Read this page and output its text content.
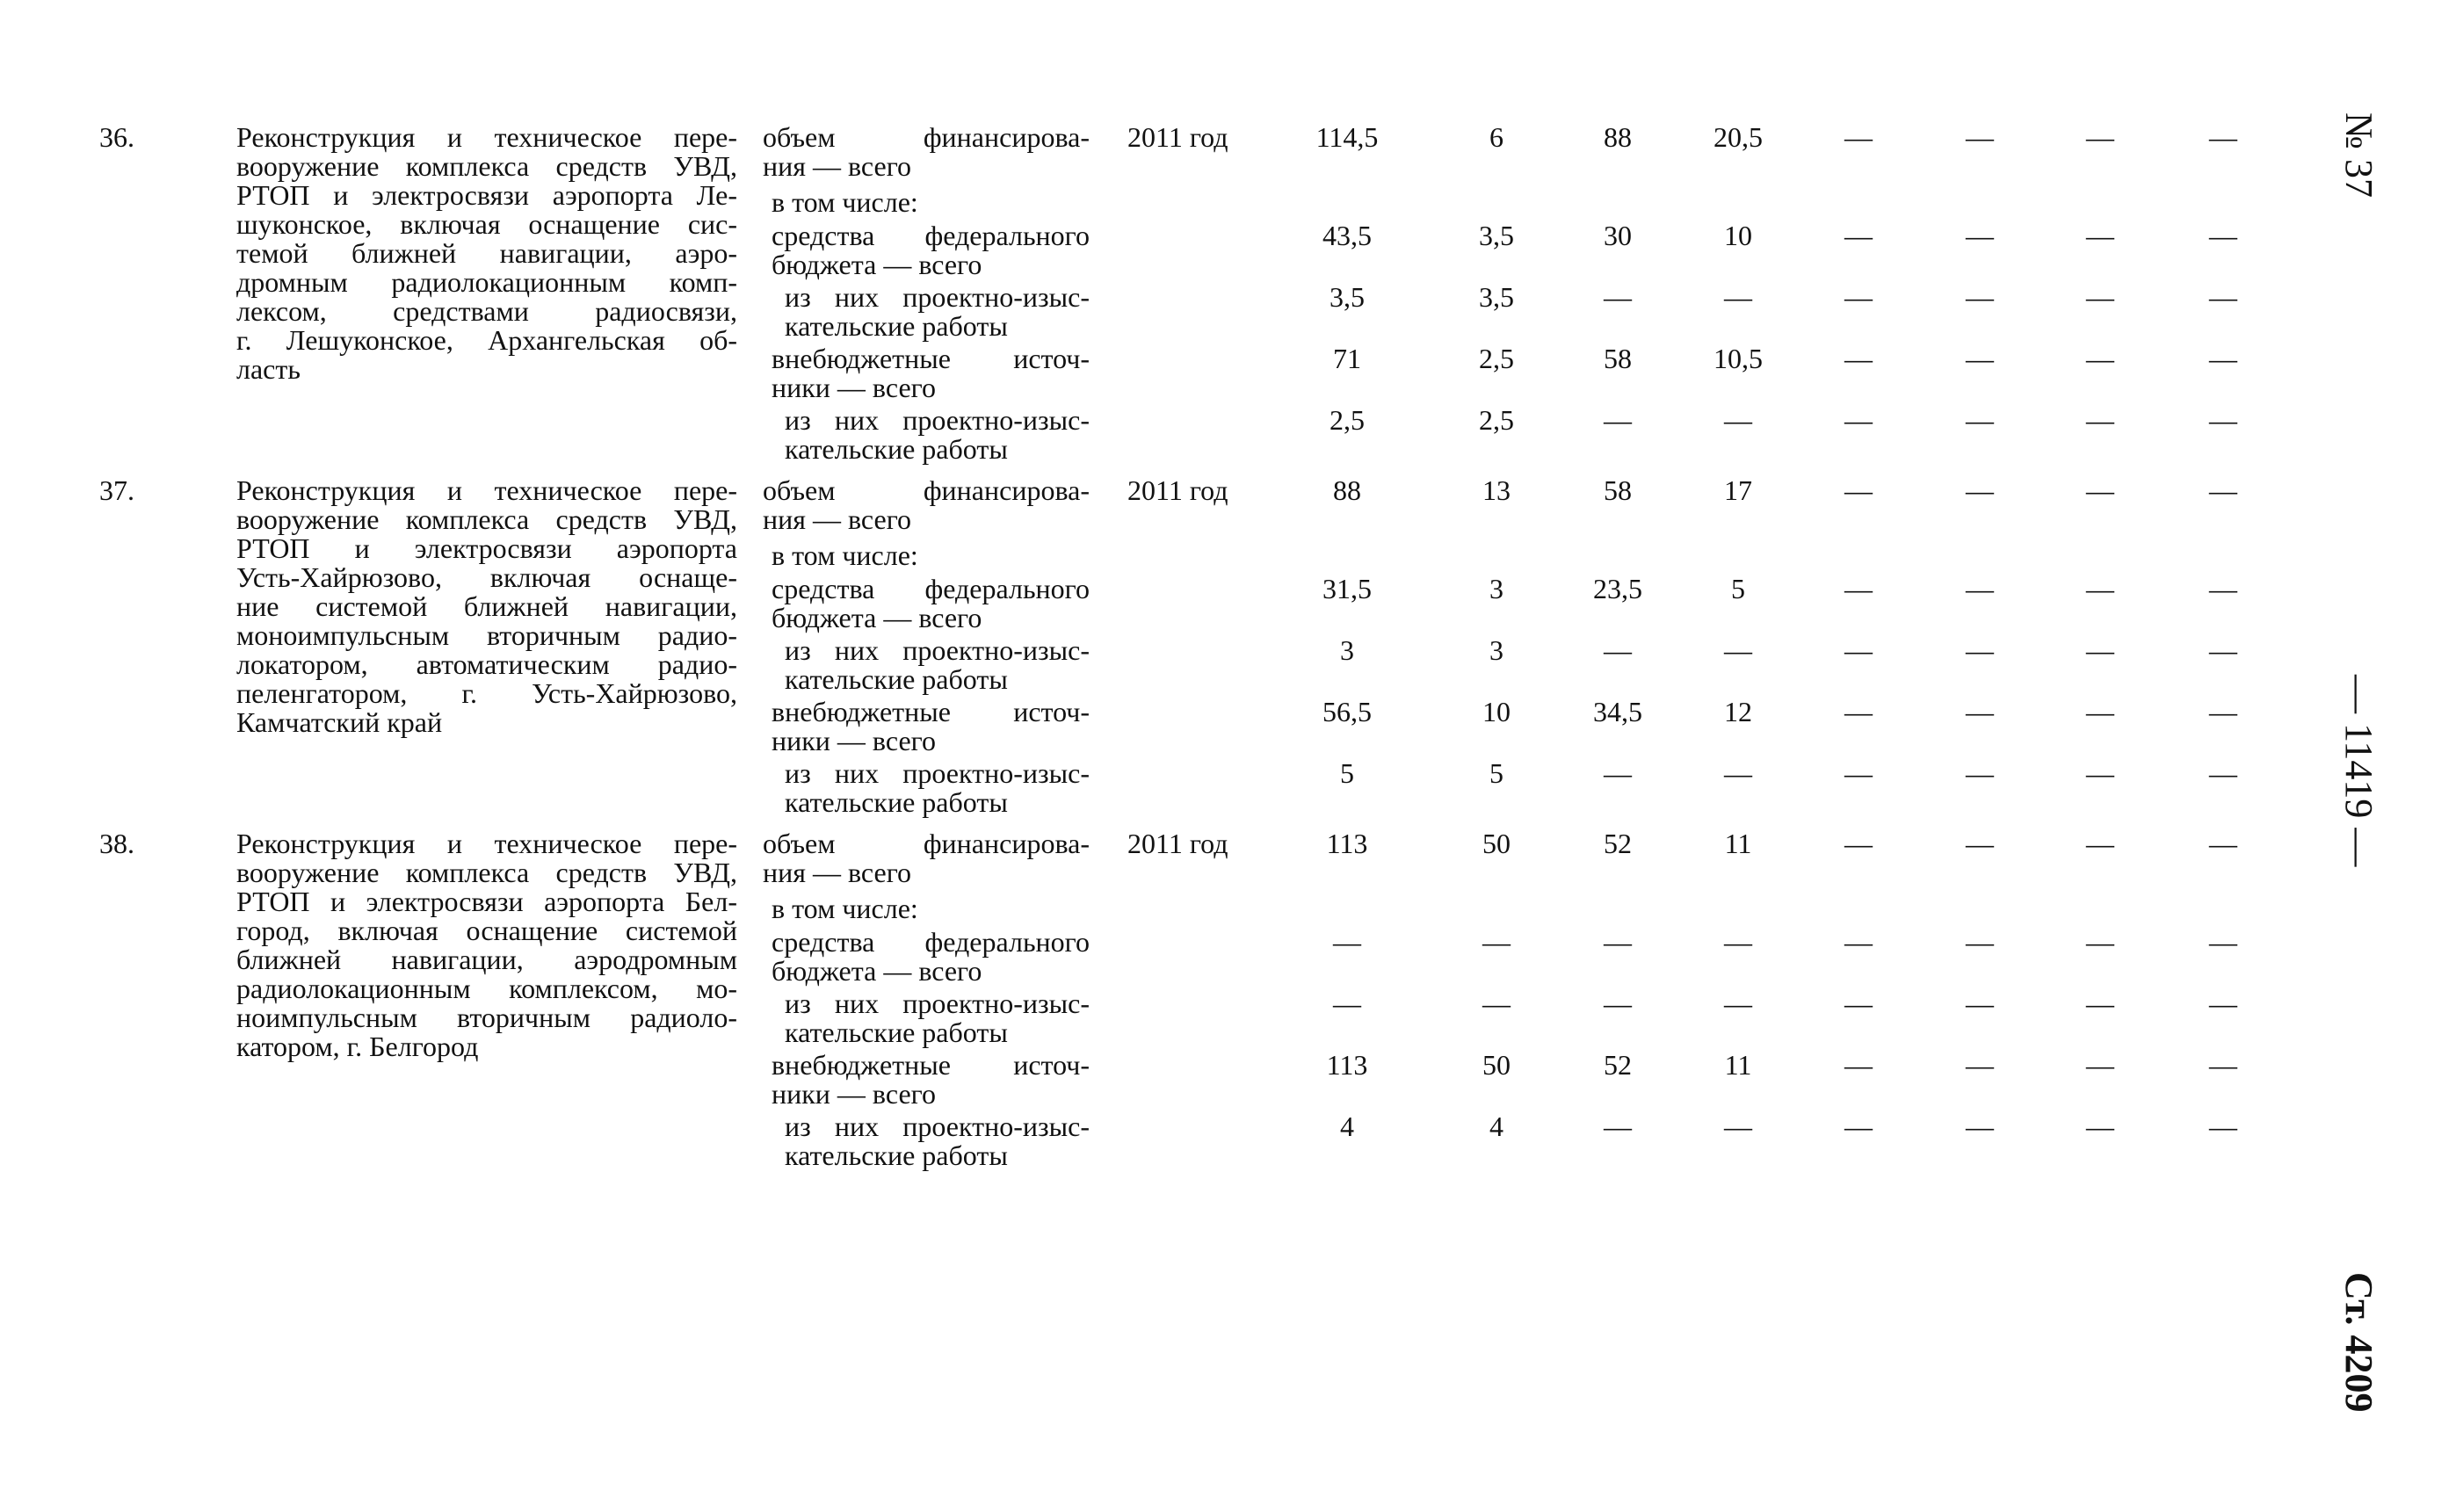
36.	Реконструкция и техническое пере-
вооружение комплекса средств УВД,
РТОП и электросвязи аэропорта Ле-
шуконское, включая оснащение сис-
темой ближней навигации, аэро-
дромным радиолокационным комп-
лексом, средствами радиосвязи,
г. Лешуконское, Архангельская об-
ласть
2011 год
объем финансирова-
ния — всего
114,5	6	88	20,5	—	—	—	—
в том числе:
средства федерального
бюджета — всего
43,5	3,5	30	10	—	—	—	—
из них проектно-изыс-
кательские работы
3,5	3,5	—	—	—	—	—	—
внебюджетные источ-
ники — всего
71	2,5	58	10,5	—	—	—	—
из них проектно-изыс-
кательские работы
2,5	2,5	—	—	—	—	—	—
37.	Реконструкция и техническое пере-
вооружение комплекса средств УВД,
РТОП и электросвязи аэропорта
Усть-Хайрюзово, включая оснаще-
ние системой ближней навигации,
моноимпульсным вторичным радио-
локатором, автоматическим радио-
пеленгатором, г. Усть-Хайрюзово,
Камчатский край
2011 год
объем финансирова-
ния — всего
88	13	58	17	—	—	—	—
в том числе:
средства федерального
бюджета — всего
31,5	3	23,5	5	—	—	—	—
из них проектно-изыс-
кательские работы
3	3	—	—	—	—	—	—
внебюджетные источ-
ники — всего
56,5	10	34,5	12	—	—	—	—
из них проектно-изыс-
кательские работы
5	5	—	—	—	—	—	—
38.	Реконструкция и техническое пере-
вооружение комплекса средств УВД,
РТОП и электросвязи аэропорта Бел-
город, включая оснащение системой
ближней навигации, аэродромным
радиолокационным комплексом, мо-
ноимпульсным вторичным радиоло-
катором, г. Белгород
2011 год
объем финансирова-
ния — всего
113	50	52	11	—	—	—	—
в том числе:
средства федерального
бюджета — всего
—	—	—	—	—	—	—	—
из них проектно-изыс-
кательские работы
—	—	—	—	—	—	—	—
внебюджетные источ-
ники — всего
113	50	52	11	—	—	—	—
из них проектно-изыс-
кательские работы
4	4	—	—	—	—	—	—
№ 37
— 11419 —
Ст. 4209
